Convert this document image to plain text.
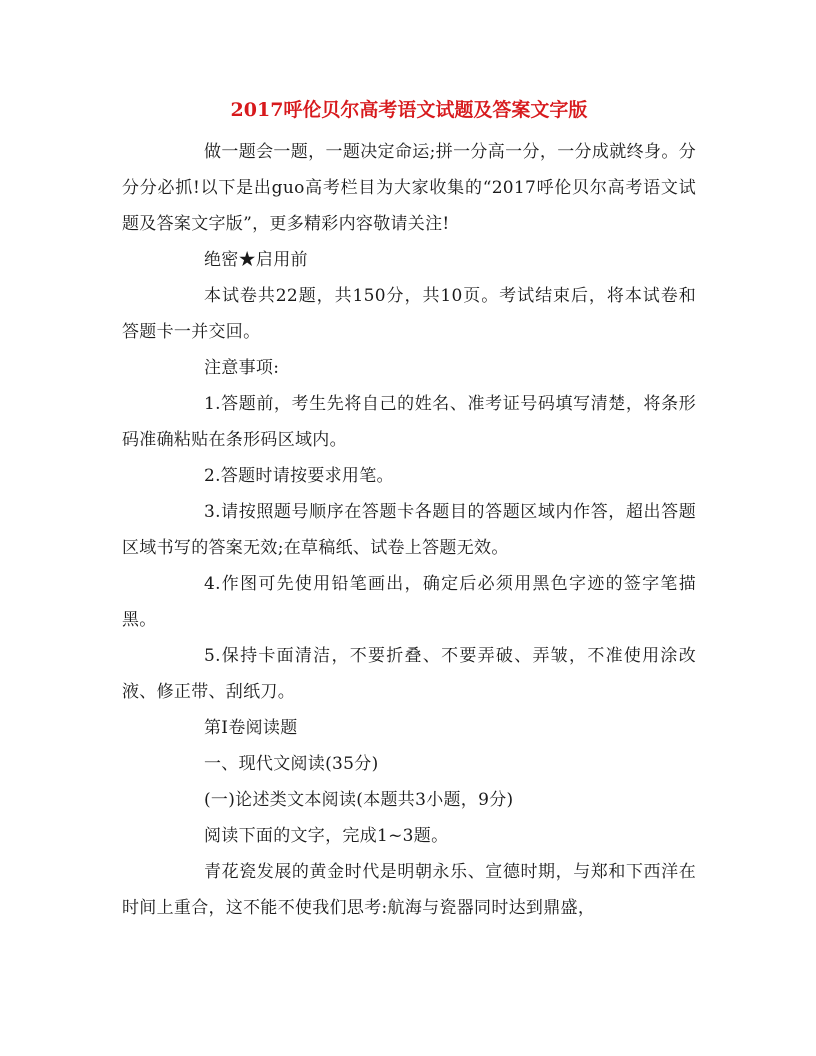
2017呼伦贝尔高考语文试题及答案文字版

做一题会一题，一题决定命运;拼一分高一分，一分成就终身。分分分必抓!以下是出guo高考栏目为大家收集的“2017呼伦贝尔高考语文试题及答案文字版”，更多精彩内容敬请关注!

绝密★启用前

本试卷共22题，共150分，共10页。考试结束后，将本试卷和答题卡一并交回。

注意事项:

1.答题前，考生先将自己的姓名、准考证号码填写清楚，将条形码准确粘贴在条形码区域内。

2.答题时请按要求用笔。

3.请按照题号顺序在答题卡各题目的答题区域内作答，超出答题区域书写的答案无效;在草稿纸、试卷上答题无效。

4.作图可先使用铅笔画出，确定后必须用黑色字迹的签字笔描黑。

5.保持卡面清洁，不要折叠、不要弄破、弄皱，不准使用涂改液、修正带、刮纸刀。

第Ⅰ卷阅读题

一、现代文阅读(35分)

(一)论述类文本阅读(本题共3小题，9分)

阅读下面的文字，完成1~3题。

青花瓷发展的黄金时代是明朝永乐、宣德时期，与郑和下西洋在时间上重合，这不能不使我们思考:航海与瓷器同时达到鼎盛，
